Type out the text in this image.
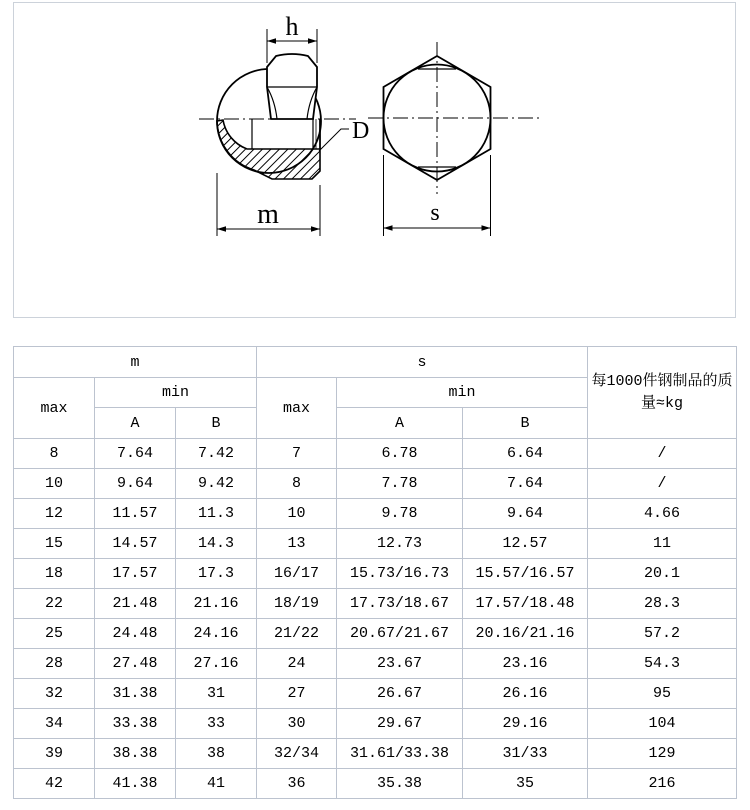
h
D
m	s
m			s			每1000件钢制品的质量≈kg
max	min		max	min		
	A	B		A	B	
8	7.64	7.42	7	6.78	6.64	/
10	9.64	9.42	8	7.78	7.64	/
12	11.57	11.3	10	9.78	9.64	4.66
15	14.57	14.3	13	12.73	12.57	11
18	17.57	17.3	16/17	15.73/16.73	15.57/16.57	20.1
22	21.48	21.16	18/19	17.73/18.67	17.57/18.48	28.3
25	24.48	24.16	21/22	20.67/21.67	20.16/21.16	57.2
28	27.48	27.16	24	23.67	23.16	54.3
32	31.38	31	27	26.67	26.16	95
34	33.38	33	30	29.67	29.16	104
39	38.38	38	32/34	31.61/33.38	31/33	129
42	41.38	41	36	35.38	35	216
